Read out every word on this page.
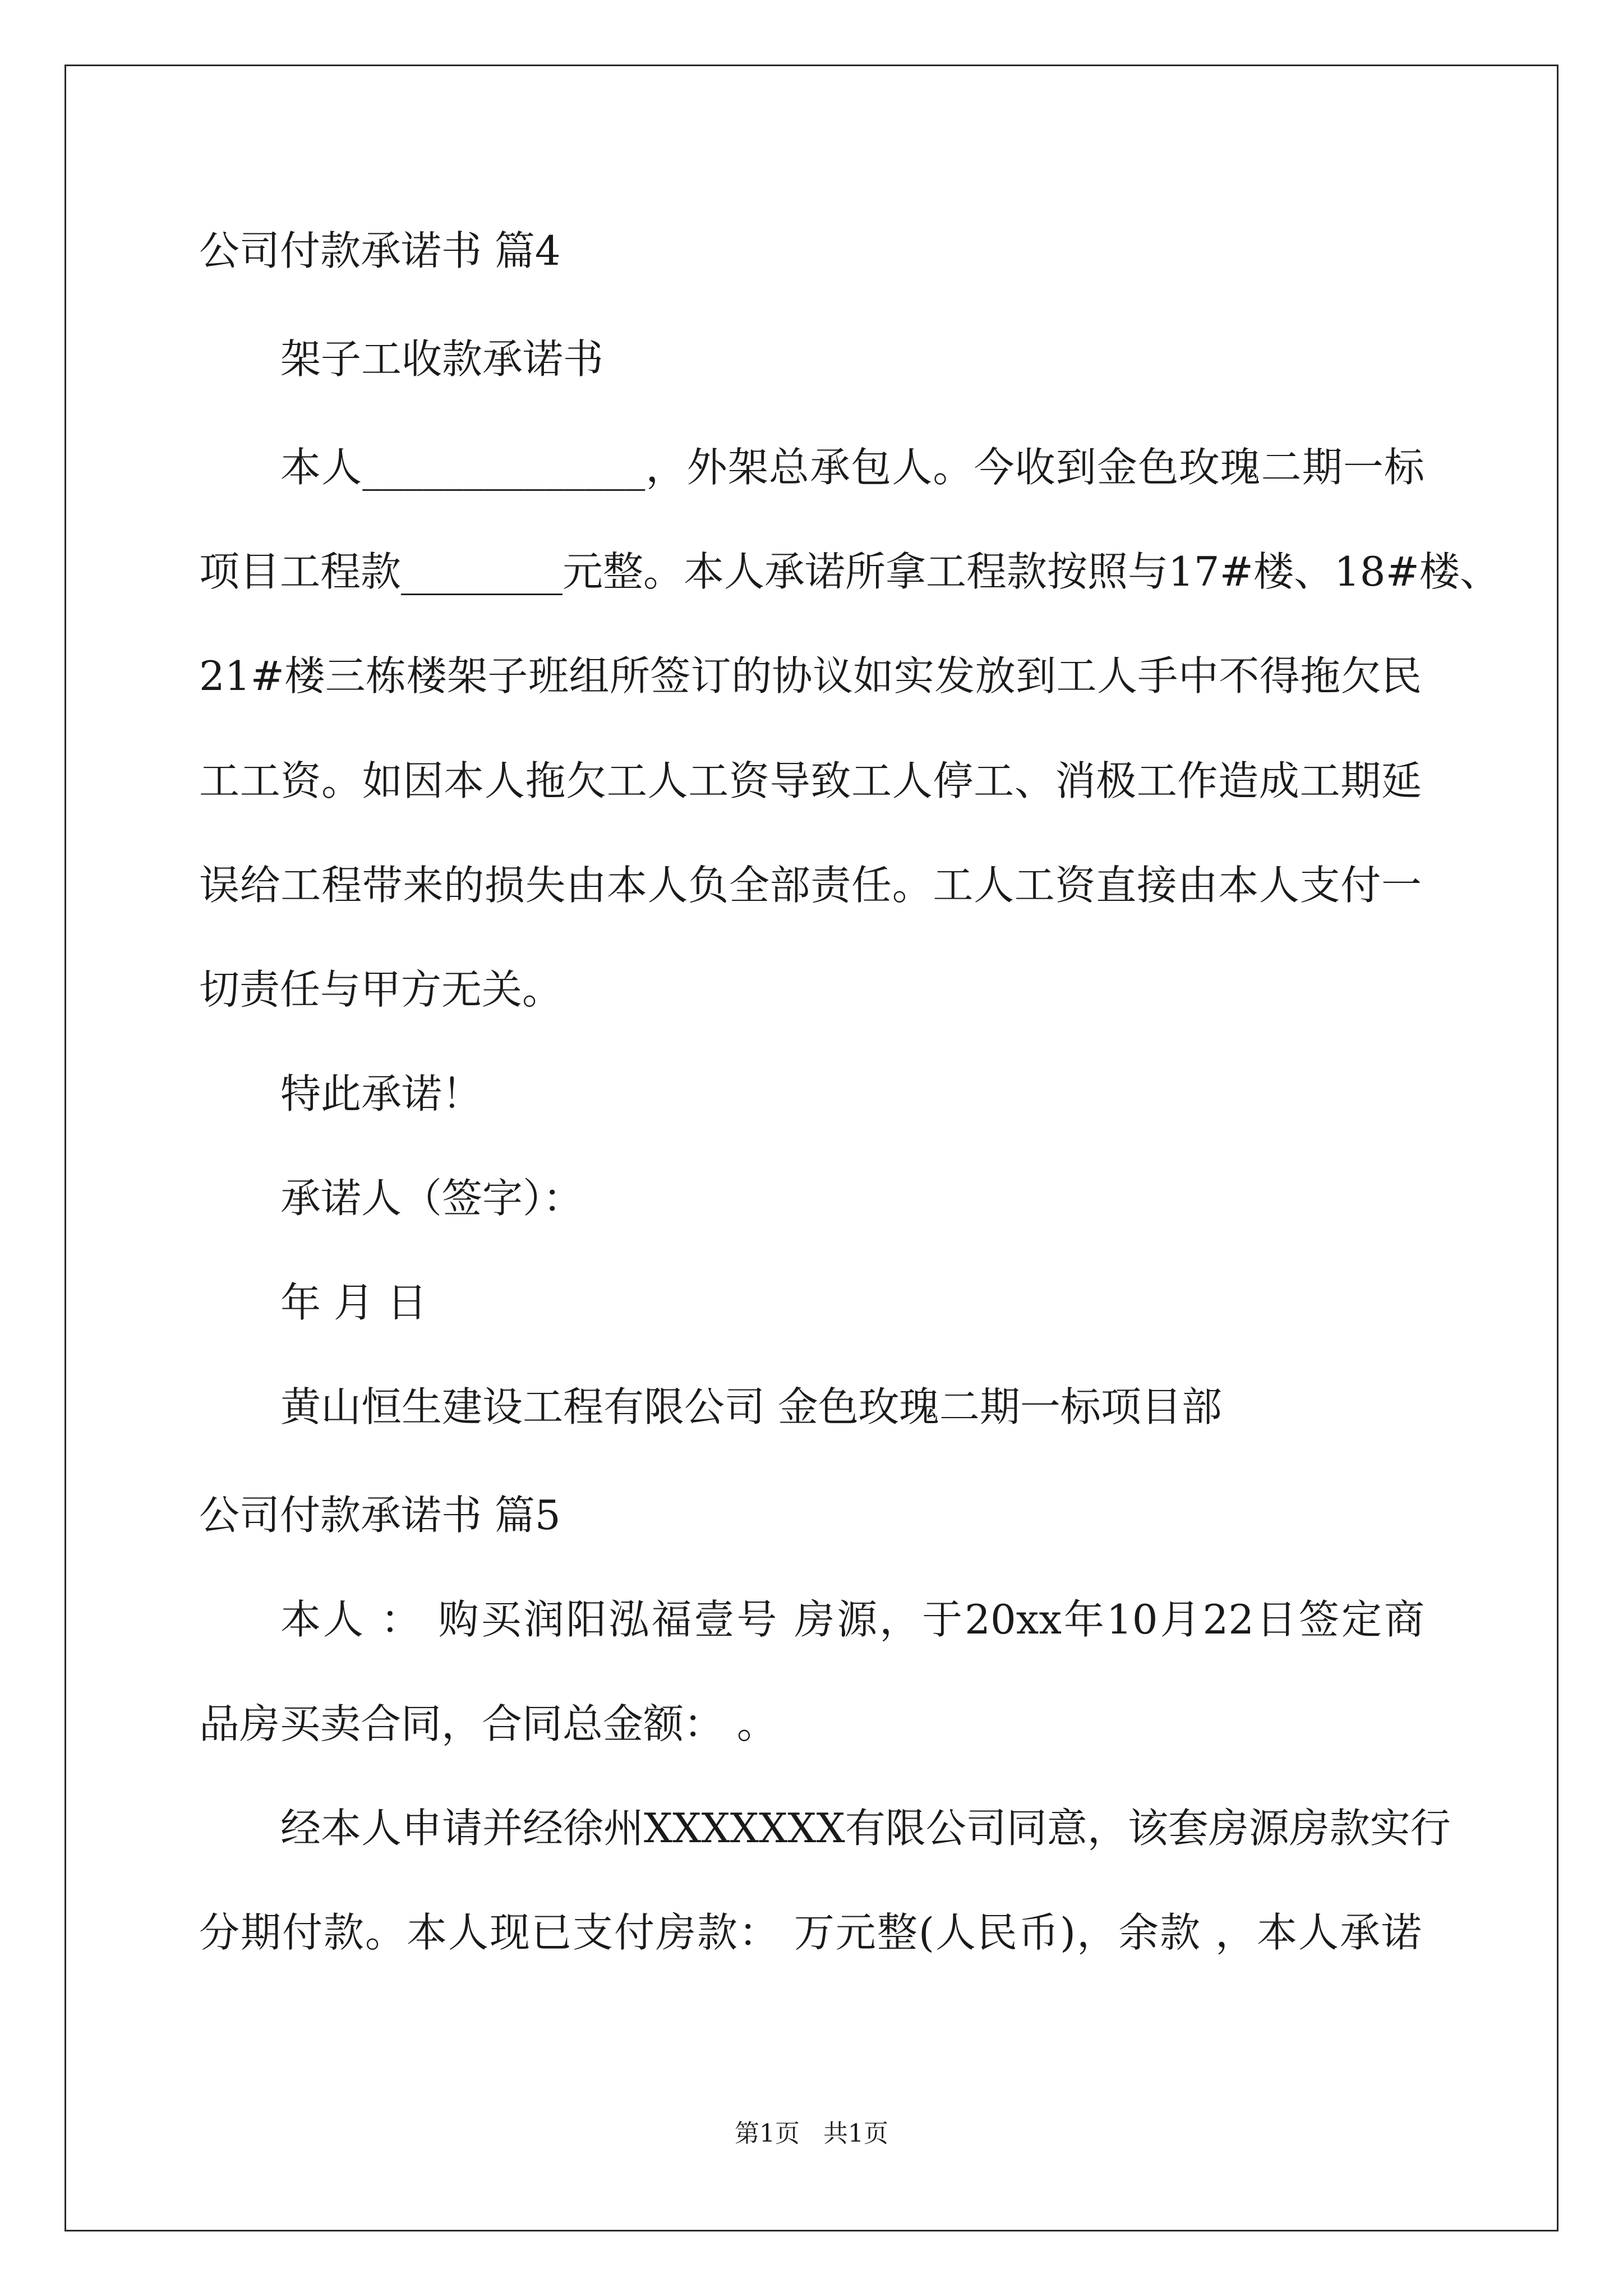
公司付款承诺书 篇4
架子工收款承诺书
本人______________，外架总承包人。今收到金色玫瑰二期一标
项目工程款________元整。本人承诺所拿工程款按照与17#楼、18#楼、
21#楼三栋楼架子班组所签订的协议如实发放到工人手中不得拖欠民
工工资。如因本人拖欠工人工资导致工人停工、消极工作造成工期延
误给工程带来的损失由本人负全部责任。工人工资直接由本人支付一
切责任与甲方无关。
特此承诺！
承诺人（签字）：
年 月 日
黄山恒生建设工程有限公司 金色玫瑰二期一标项目部
公司付款承诺书 篇5
本人 ： 购买润阳泓福壹号 房源，于20xx年10月22日签定商
品房买卖合同，合同总金额： 。
经本人申请并经徐州XXXXXXX有限公司同意，该套房源房款实行
分期付款。本人现已支付房款： 万元整(人民币)，余款 ，本人承诺
第1页   共1页
